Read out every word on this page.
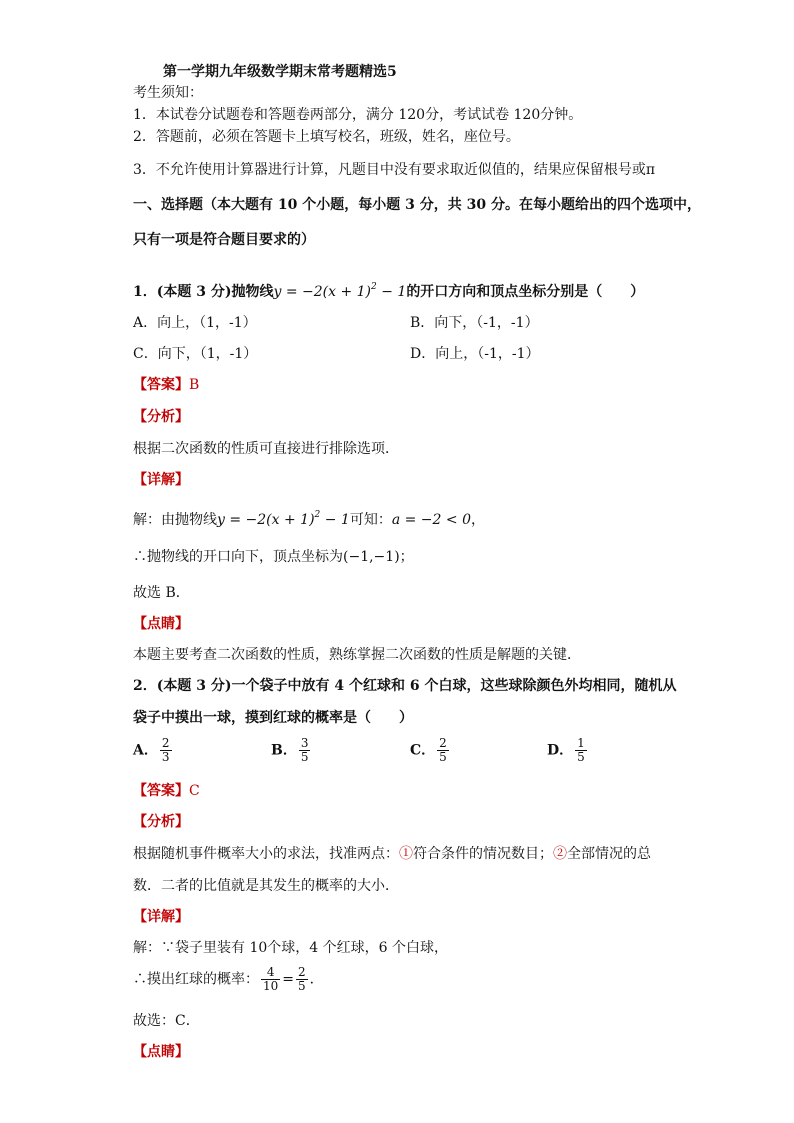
第一学期九年级数学期末常考题精选5
考生须知：
1．本试卷分试题卷和答题卷两部分，满分 120分，考试试卷 120分钟。
2．答题前，必须在答题卡上填写校名，班级，姓名，座位号。
3．不允许使用计算器进行计算，凡题目中没有要求取近似值的，结果应保留根号或π
一、选择题（本大题有 10 个小题，每小题 3 分，共 30 分。在每小题给出的四个选项中，
只有一项是符合题目要求的）
1．(本题 3 分)抛物线$y = -2(x + 1)^2 - 1$的开口方向和顶点坐标分别是（　　）
A．向上，（1，-1）	B．向下，（-1，-1）
C．向下，（1，-1）	D．向上，（-1，-1）
【答案】B
【分析】
根据二次函数的性质可直接进行排除选项．
【详解】
解：由抛物线$y = -2(x + 1)^2 - 1$可知：a = −2 < 0，
∴抛物线的开口向下，顶点坐标为(−1,−1)；
故选 B．
【点睛】
本题主要考查二次函数的性质，熟练掌握二次函数的性质是解题的关键．
2．(本题 3 分)一个袋子中放有 4 个红球和 6 个白球，这些球除颜色外均相同，随机从
袋子中摸出一球，摸到红球的概率是（　　）
A． $\frac{2}{3}$	B． $\frac{3}{5}$	C． $\frac{2}{5}$	D． $\frac{1}{5}$
【答案】C
【分析】
根据随机事件概率大小的求法，找准两点：①符合条件的情况数目；②全部情况的总
数．二者的比值就是其发生的概率的大小．
【详解】
解：∵袋子里装有 10个球，4 个红球，6 个白球，
∴摸出红球的概率： $\frac{4}{10} = \frac{2}{5}$ ．
故选：C．
【点睛】
